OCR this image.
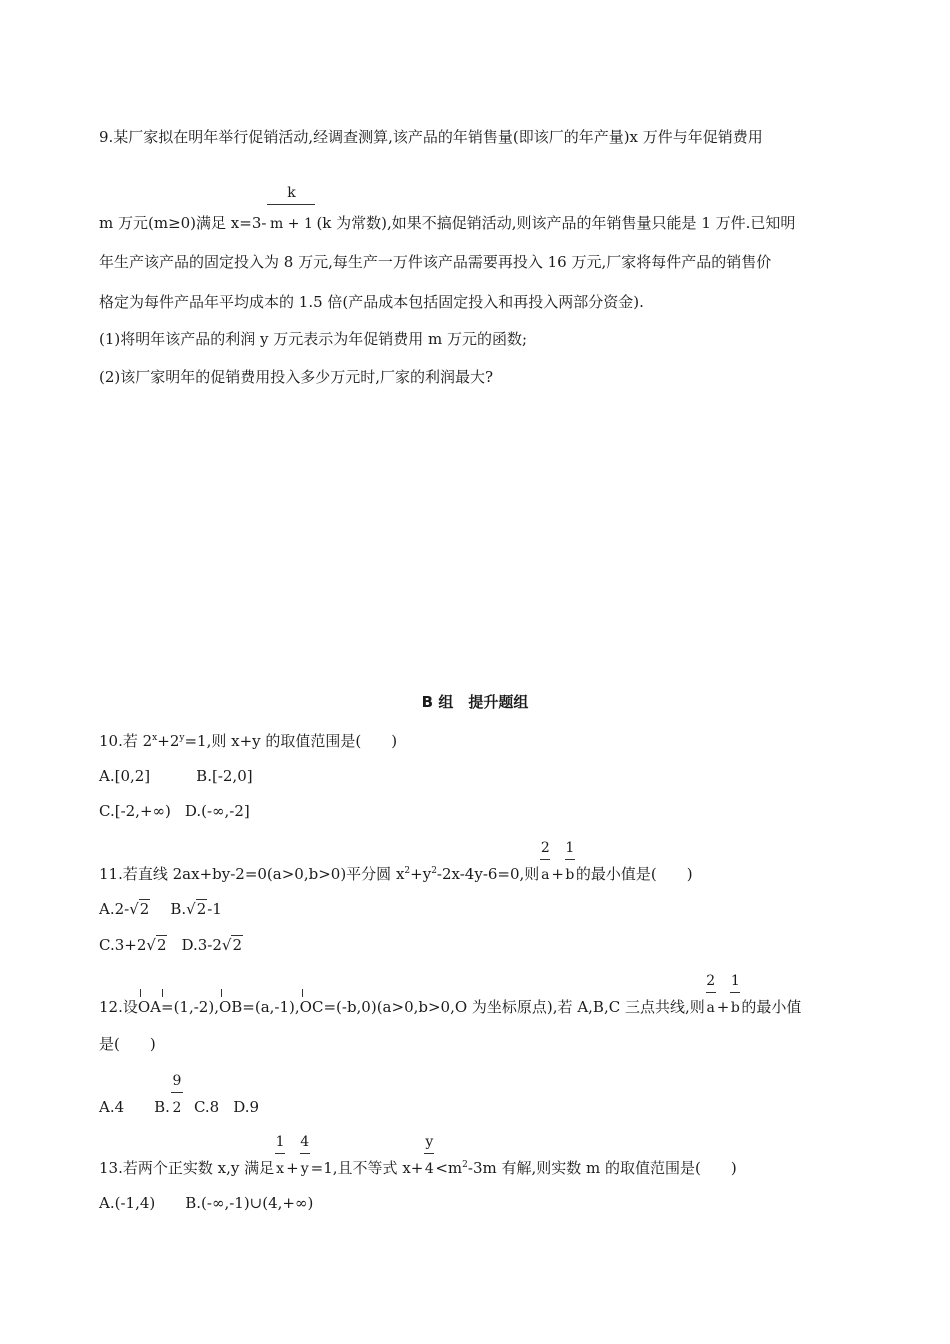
9.某厂家拟在明年举行促销活动,经调查测算,该产品的年销售量(即该厂的年产量)x 万件与年促销费用
m 万元(m≥0)满足 $x=3- \frac{k}{m + 1}(k$ 为常数),如果不搞促销活动,则该产品的年销售量只能是 1 万件.已知明
年生产该产品的固定投入为 8 万元,每生产一万件该产品需要再投入 16 万元,厂家将每件产品的销售价
格定为每件产品年平均成本的 1.5 倍(产品成本包括固定投入和再投入两部分资金).
(1)将明年该产品的利润 y 万元表示为年促销费用 m 万元的函数;
(2)该厂家明年的促销费用投入多少万元时,厂家的利润最大?
B 组　提升题组
10.若 $2^x+2^y=1$,则 x+y 的取值范围是(　　)
A.[0,2]	B.[-2,0]
C.[-2,+∞) D.(-∞,-2]
11.若直线 2ax+by-2=0(a>0,b>0)平分圆 $x^2+y^2-2x-4y-6=0$,则 $\frac{2}{a}+ \frac{1}{b}$的最小值是(　　)
A.2-√2 B.√2-1
C.3+2√2 D.3-2√2
12.设
OA=(1,-2),
OB=(a,-1),
OC=(-b,0)(a>0,b>0,O 为坐标原点),若 A,B,C 三点共线,则 $\frac{2}{a}+ \frac{1}{b}$的最小值
是(　　)
A.4 B. $\frac{9}{2} C.8$ D.9
13.若两个正实数 x,y 满足 $\frac{1}{x}+ \frac{4}{y}=1$,且不等式 $x+ \frac{y}{4}<m^2-3m$ 有解,则实数 m 的取值范围是(　　)
A.(-1,4) B.(-∞,-1)∪(4,+∞)
